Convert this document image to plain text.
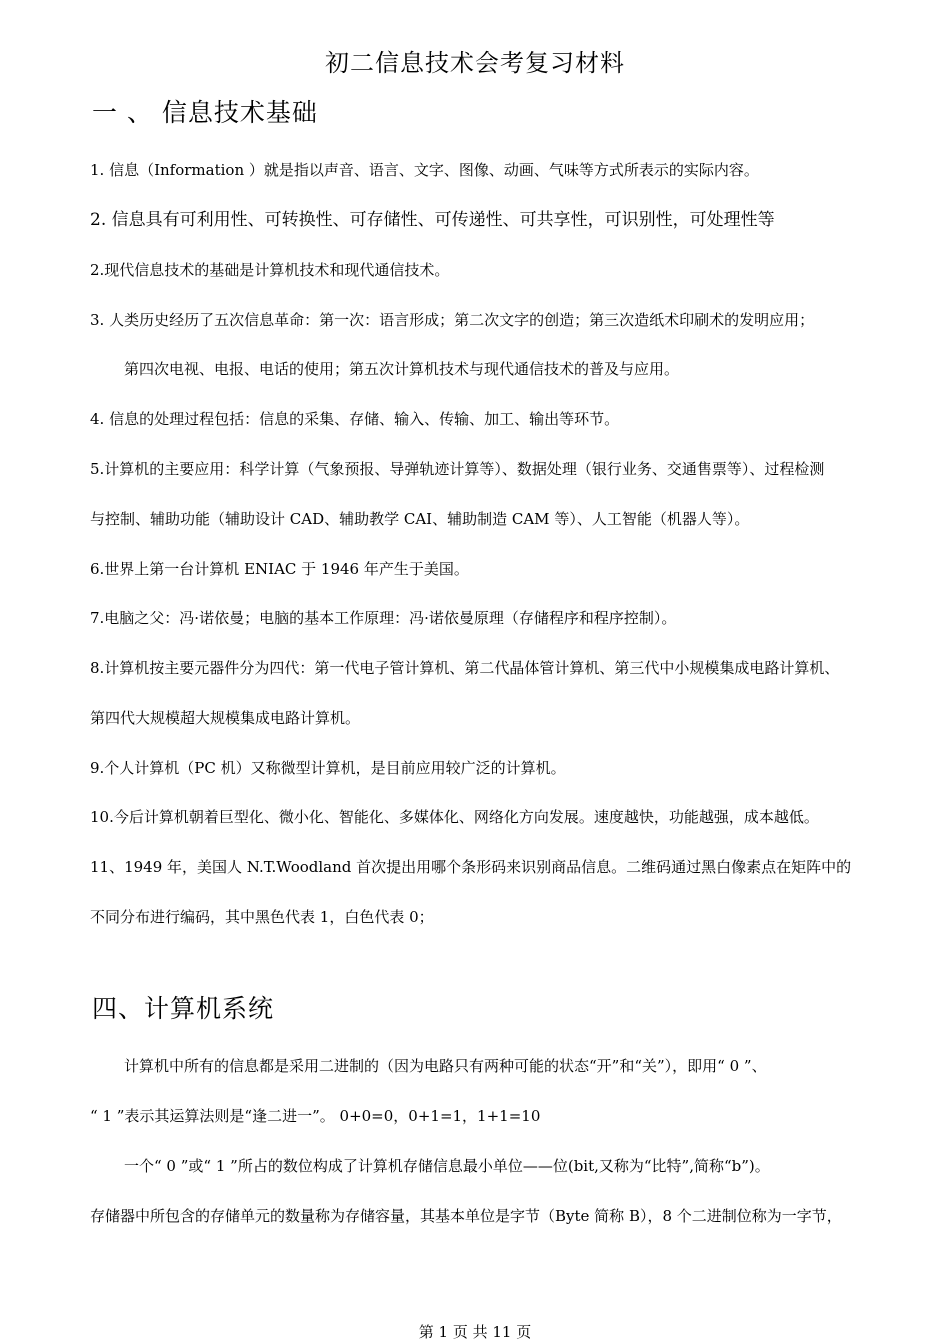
初二信息技术会考复习材料
一 、 信息技术基础
1. 信息（Information ）就是指以声音、语言、文字、图像、动画、气味等方式所表示的实际内容。
2. 信息具有可利用性、可转换性、可存储性、可传递性、可共享性，可识别性，可处理性等
2.现代信息技术的基础是计算机技术和现代通信技术。
3. 人类历史经历了五次信息革命：第一次：语言形成；第二次文字的创造；第三次造纸术印刷术的发明应用；
第四次电视、电报、电话的使用；第五次计算机技术与现代通信技术的普及与应用。
4. 信息的处理过程包括：信息的采集、存储、输入、传输、加工、输出等环节。
5.计算机的主要应用：科学计算（气象预报、导弹轨迹计算等）、数据处理（银行业务、交通售票等）、过程检测
与控制、辅助功能（辅助设计 CAD、辅助教学 CAI、辅助制造 CAM 等）、人工智能（机器人等）。
6.世界上第一台计算机 ENIAC 于 1946 年产生于美国。
7.电脑之父：冯·诺依曼；电脑的基本工作原理：冯·诺依曼原理（存储程序和程序控制）。
8.计算机按主要元器件分为四代：第一代电子管计算机、第二代晶体管计算机、第三代中小规模集成电路计算机、
第四代大规模超大规模集成电路计算机。
9.个人计算机（PC 机）又称微型计算机，是目前应用较广泛的计算机。
10.今后计算机朝着巨型化、微小化、智能化、多媒体化、网络化方向发展。速度越快，功能越强，成本越低。
11、1949 年，美国人 N.T.Woodland 首次提出用哪个条形码来识别商品信息。二维码通过黑白像素点在矩阵中的
不同分布进行编码，其中黑色代表 1，白色代表 0；
四、计算机系统
计算机中所有的信息都是采用二进制的（因为电路只有两种可能的状态“开”和“关”），即用“ 0 ”、
“ 1 ”表示其运算法则是“逢二进一”。 0+0=0，0+1=1，1+1=10
一个“ 0 ”或“ 1 ”所占的数位构成了计算机存储信息最小单位——位(bit,又称为“比特”,简称“b”)。
存储器中所包含的存储单元的数量称为存储容量，其基本单位是字节（Byte 简称 B），8 个二进制位称为一字节，
第 1 页 共 11 页
